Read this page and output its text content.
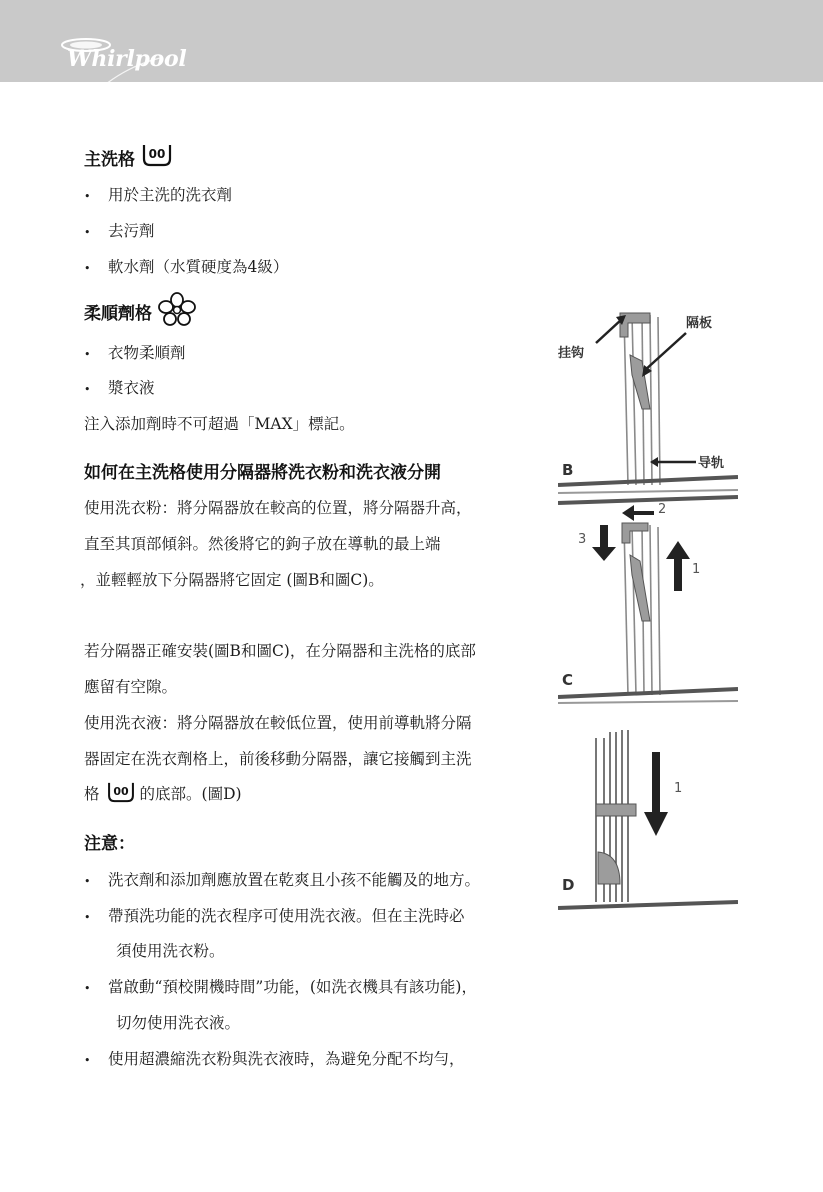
Whirlpool
主洗格 00
• 用於主洗的洗衣劑
• 去污劑
• 軟水劑（水質硬度為4級）
柔順劑格
• 衣物柔順劑
• 漿衣液
注入添加劑時不可超過「MAX」標記。
如何在主洗格使用分隔器將洗衣粉和洗衣液分開
使用洗衣粉：將分隔器放在較高的位置，將分隔器升高，
直至其頂部傾斜。然後將它的鉤子放在導軌的最上端
，並輕輕放下分隔器將它固定 (圖B和圖C)。
若分隔器正確安裝(圖B和圖C)，在分隔器和主洗格的底部
應留有空隙。
使用洗衣液：將分隔器放在較低位置，使用前導軌將分隔
器固定在洗衣劑格上，前後移動分隔器，讓它接觸到主洗
格 00 的底部。(圖D)
注意：
• 洗衣劑和添加劑應放置在乾爽且小孩不能觸及的地方。
• 帶預洗功能的洗衣程序可使用洗衣液。但在主洗時必
須使用洗衣粉。
• 當啟動“預校開機時間”功能，(如洗衣機具有該功能)，
切勿使用洗衣液。
• 使用超濃縮洗衣粉與洗衣液時，為避免分配不均勻，
挂钩
隔板
导轨
B
2
3
1
C
1
D
